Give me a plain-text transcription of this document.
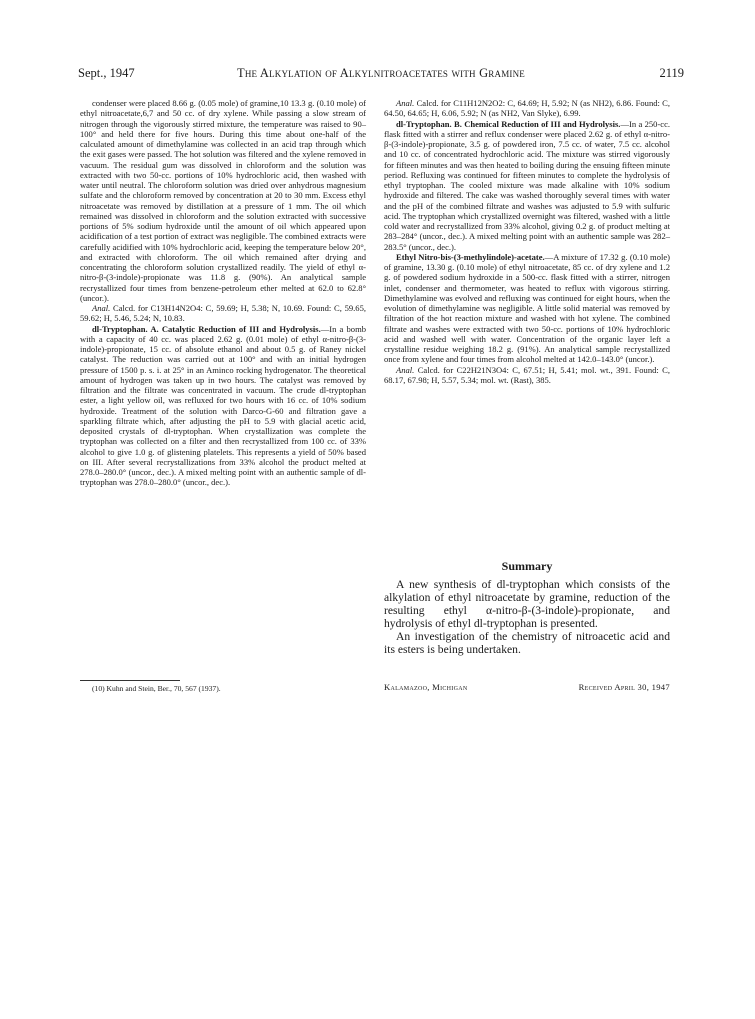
Sept., 1947	The Alkylation of Alkylnitroacetates with Gramine	2119

condenser were placed 8.66 g. (0.05 mole) of gramine,10 13.3 g. (0.10 mole) of ethyl nitroacetate,6,7 and 50 cc. of dry xylene. While passing a slow stream of nitrogen through the vigorously stirred mixture, the temperature was raised to 90–100° and held there for five hours. During this time about one-half of the calculated amount of dimethylamine was collected in an acid trap through which the exit gases were passed. The hot solution was filtered and the xylene removed in vacuum. The residual gum was dissolved in chloroform and the solution was extracted with two 50-cc. portions of 10% hydrochloric acid, then washed with water until neutral. The chloroform solution was dried over anhydrous magnesium sulfate and the chloroform removed by concentration at 20 to 30 mm. Excess ethyl nitroacetate was removed by distillation at a pressure of 1 mm. The oil which remained was dissolved in chloroform and the solution extracted with successive portions of 5% sodium hydroxide until the amount of oil which appeared upon acidification of a test portion of extract was negligible. The combined extracts were carefully acidified with 10% hydrochloric acid, keeping the temperature below 20°, and extracted with chloroform. The oil which remained after drying and concentrating the chloroform solution crystallized readily. The yield of ethyl α-nitro-β-(3-indole)-propionate was 11.8 g. (90%). An analytical sample recrystallized four times from benzene-petroleum ether melted at 62.0 to 62.8° (uncor.).

Anal. Calcd. for C13H14N2O4: C, 59.69; H, 5.38; N, 10.69. Found: C, 59.65, 59.62; H, 5.46, 5.24; N, 10.83.

dl-Tryptophan. A. Catalytic Reduction of III and Hydrolysis.—In a bomb with a capacity of 40 cc. was placed 2.62 g. (0.01 mole) of ethyl α-nitro-β-(3-indole)-propionate, 15 cc. of absolute ethanol and about 0.5 g. of Raney nickel catalyst. The reduction was carried out at 100° and with an initial hydrogen pressure of 1500 p. s. i. at 25° in an Aminco rocking hydrogenator. The theoretical amount of hydrogen was taken up in two hours. The catalyst was removed by filtration and the filtrate was concentrated in vacuum. The crude dl-tryptophan ester, a light yellow oil, was refluxed for two hours with 16 cc. of 10% sodium hydroxide. Treatment of the solution with Darco-G-60 and filtration gave a sparkling filtrate which, after adjusting the pH to 5.9 with glacial acetic acid, deposited crystals of dl-tryptophan. When crystallization was complete the tryptophan was collected on a filter and then recrystallized from 100 cc. of 33% alcohol to give 1.0 g. of glistening platelets. This represents a yield of 50% based on III. After several recrystallizations from 33% alcohol the product melted at 278.0–280.0° (uncor., dec.). A mixed melting point with an authentic sample of dl-tryptophan was 278.0–280.0° (uncor., dec.).

(10) Kuhn and Stein, Ber., 70, 567 (1937).

Anal. Calcd. for C11H12N2O2: C, 64.69; H, 5.92; N (as NH2), 6.86. Found: C, 64.50, 64.65; H, 6.06, 5.92; N (as NH2, Van Slyke), 6.99.

dl-Tryptophan. B. Chemical Reduction of III and Hydrolysis.—In a 250-cc. flask fitted with a stirrer and reflux condenser were placed 2.62 g. of ethyl α-nitro-β-(3-indole)-propionate, 3.5 g. of powdered iron, 7.5 cc. of water, 7.5 cc. alcohol and 10 cc. of concentrated hydrochloric acid. The mixture was stirred vigorously for fifteen minutes and was then heated to boiling during the ensuing fifteen minute period. Refluxing was continued for fifteen minutes to complete the hydrolysis of ethyl tryptophan. The cooled mixture was made alkaline with 10% sodium hydroxide and filtered. The cake was washed thoroughly several times with water and the pH of the combined filtrate and washes was adjusted to 5.9 with sulfuric acid. The tryptophan which crystallized overnight was filtered, washed with a little cold water and recrystallized from 33% alcohol, giving 0.2 g. of product melting at 283–284° (uncor., dec.). A mixed melting point with an authentic sample was 282–283.5° (uncor., dec.).

Ethyl Nitro-bis-(3-methylindole)-acetate.—A mixture of 17.32 g. (0.10 mole) of gramine, 13.30 g. (0.10 mole) of ethyl nitroacetate, 85 cc. of dry xylene and 1.2 g. of powdered sodium hydroxide in a 500-cc. flask fitted with a stirrer, nitrogen inlet, condenser and thermometer, was heated to reflux with vigorous stirring. Dimethylamine was evolved and refluxing was continued for eight hours, when the evolution of dimethylamine was negligible. A little solid material was removed by filtration of the hot reaction mixture and washed with hot xylene. The combined filtrate and washes were extracted with two 50-cc. portions of 10% hydrochloric acid and washed well with water. Concentration of the organic layer left a crystalline residue weighing 18.2 g. (91%). An analytical sample recrystallized once from xylene and four times from alcohol melted at 142.0–143.0° (uncor.).

Anal. Calcd. for C22H21N3O4: C, 67.51; H, 5.41; mol. wt., 391. Found: C, 68.17, 67.98; H, 5.57, 5.34; mol. wt. (Rast), 385.

Summary

A new synthesis of dl-tryptophan which consists of the alkylation of ethyl nitroacetate by gramine, reduction of the resulting ethyl α-nitro-β-(3-indole)-propionate, and hydrolysis of ethyl dl-tryptophan is presented.

An investigation of the chemistry of nitroacetic acid and its esters is being undertaken.

Kalamazoo, Michigan	Received April 30, 1947
